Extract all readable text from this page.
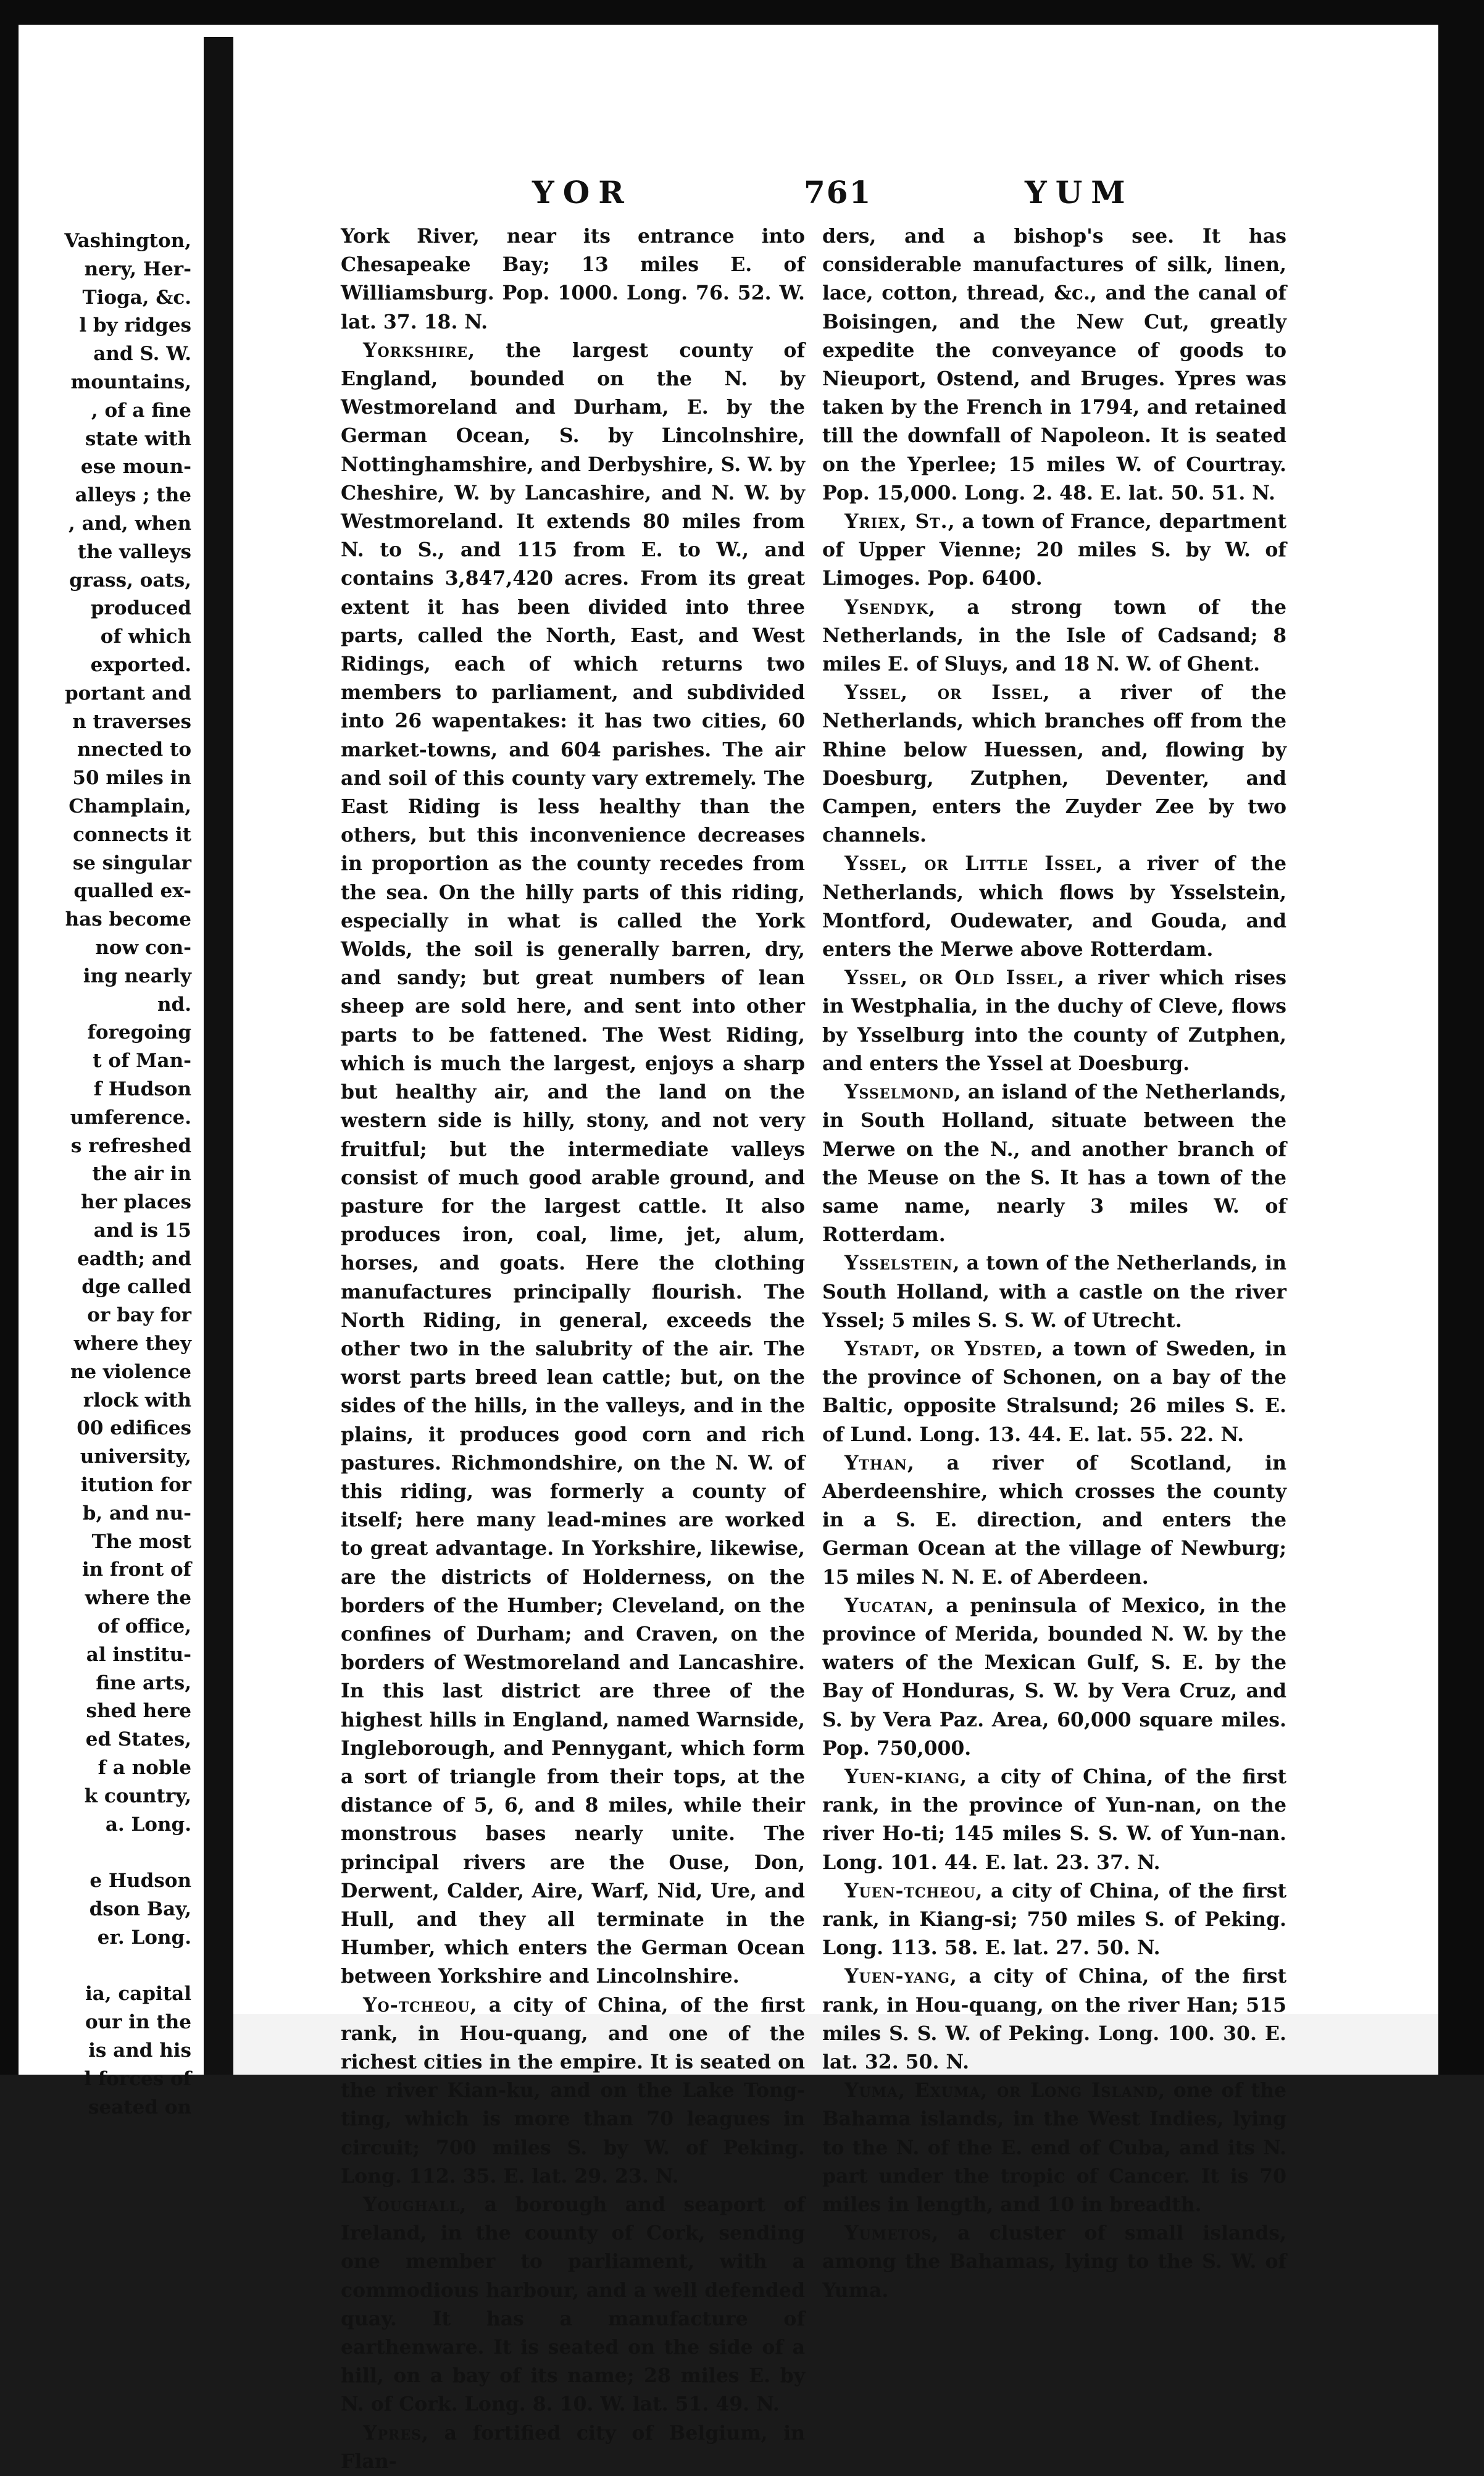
Vashington,
nery, Her-
Tioga, &c.
l by ridges
and S. W.
mountains,
, of a fine
state with
ese moun-
alleys ; the
, and, when
the valleys
grass, oats,
produced
of which
exported.
portant and
n traverses
nnected to
50 miles in
Champlain,
connects it
se singular
qualled ex-
has become
now con-
ing nearly
nd.
foregoing
t of Man-
f Hudson
umference.
s refreshed
the air in
her places
and is 15
eadth; and
dge called
or bay for
where they
ne violence
rlock with
00 edifices
university,
itution for
b, and nu-
The most
in front of
where the
of office,
al institu-
fine arts,
shed here
ed States,
f a noble
k country,
a. Long.
e Hudson
dson Bay,
er. Long.
ia, capital
our in the
is and his
l forces of
seated on
YOR	761	YUM

York River, near its entrance into Chesapeake Bay; 13 miles E. of Williamsburg. Pop. 1000. Long. 76. 52. W. lat. 37. 18. N.

Yorkshire, the largest county of England, bounded on the N. by Westmoreland and Durham, E. by the German Ocean, S. by Lincolnshire, Nottinghamshire, and Derbyshire, S. W. by Cheshire, W. by Lancashire, and N. W. by Westmoreland. It extends 80 miles from N. to S., and 115 from E. to W., and contains 3,847,420 acres. From its great extent it has been divided into three parts, called the North, East, and West Ridings, each of which returns two members to parliament, and subdivided into 26 wapentakes: it has two cities, 60 market-towns, and 604 parishes. The air and soil of this county vary extremely. The East Riding is less healthy than the others, but this inconvenience decreases in proportion as the county recedes from the sea. On the hilly parts of this riding, especially in what is called the York Wolds, the soil is generally barren, dry, and sandy; but great numbers of lean sheep are sold here, and sent into other parts to be fattened. The West Riding, which is much the largest, enjoys a sharp but healthy air, and the land on the western side is hilly, stony, and not very fruitful; but the intermediate valleys consist of much good arable ground, and pasture for the largest cattle. It also produces iron, coal, lime, jet, alum, horses, and goats. Here the clothing manufactures principally flourish. The North Riding, in general, exceeds the other two in the salubrity of the air. The worst parts breed lean cattle; but, on the sides of the hills, in the valleys, and in the plains, it produces good corn and rich pastures. Richmondshire, on the N. W. of this riding, was formerly a county of itself; here many lead-mines are worked to great advantage. In Yorkshire, likewise, are the districts of Holderness, on the borders of the Humber; Cleveland, on the confines of Durham; and Craven, on the borders of Westmoreland and Lancashire. In this last district are three of the highest hills in England, named Warnside, Ingleborough, and Pennygant, which form a sort of triangle from their tops, at the distance of 5, 6, and 8 miles, while their monstrous bases nearly unite. The principal rivers are the Ouse, Don, Derwent, Calder, Aire, Warf, Nid, Ure, and Hull, and they all terminate in the Humber, which enters the German Ocean between Yorkshire and Lincolnshire.

Yo-tcheou, a city of China, of the first rank, in Hou-quang, and one of the richest cities in the empire. It is seated on the river Kian-ku, and on the Lake Tong-ting, which is more than 70 leagues in circuit; 700 miles S. by W. of Peking. Long. 112. 35. E. lat. 29. 23. N.

Youghall, a borough and seaport of Ireland, in the county of Cork, sending one member to parliament, with a commodious harbour, and a well defended quay. It has a manufacture of earthenware. It is seated on the side of a hill, on a bay of its name; 28 miles E. by N. of Cork. Long. 8. 10. W. lat. 51. 49. N.

Ypres, a fortified city of Belgium, in Flan-

ders, and a bishop's see. It has considerable manufactures of silk, linen, lace, cotton, thread, &c., and the canal of Boisingen, and the New Cut, greatly expedite the conveyance of goods to Nieuport, Ostend, and Bruges. Ypres was taken by the French in 1794, and retained till the downfall of Napoleon. It is seated on the Yperlee; 15 miles W. of Courtray. Pop. 15,000. Long. 2. 48. E. lat. 50. 51. N.

Yriex, St., a town of France, department of Upper Vienne; 20 miles S. by W. of Limoges. Pop. 6400.

Ysendyk, a strong town of the Netherlands, in the Isle of Cadsand; 8 miles E. of Sluys, and 18 N. W. of Ghent.

Yssel, or Issel, a river of the Netherlands, which branches off from the Rhine below Huessen, and, flowing by Doesburg, Zutphen, Deventer, and Campen, enters the Zuyder Zee by two channels.

Yssel, or Little Issel, a river of the Netherlands, which flows by Ysselstein, Montford, Oudewater, and Gouda, and enters the Merwe above Rotterdam.

Yssel, or Old Issel, a river which rises in Westphalia, in the duchy of Cleve, flows by Ysselburg into the county of Zutphen, and enters the Yssel at Doesburg.

Ysselmond, an island of the Netherlands, in South Holland, situate between the Merwe on the N., and another branch of the Meuse on the S. It has a town of the same name, nearly 3 miles W. of Rotterdam.

Ysselstein, a town of the Netherlands, in South Holland, with a castle on the river Yssel; 5 miles S. S. W. of Utrecht.

Ystadt, or Ydsted, a town of Sweden, in the province of Schonen, on a bay of the Baltic, opposite Stralsund; 26 miles S. E. of Lund. Long. 13. 44. E. lat. 55. 22. N.

Ythan, a river of Scotland, in Aberdeenshire, which crosses the county in a S. E. direction, and enters the German Ocean at the village of Newburg; 15 miles N. N. E. of Aberdeen.

Yucatan, a peninsula of Mexico, in the province of Merida, bounded N. W. by the waters of the Mexican Gulf, S. E. by the Bay of Honduras, S. W. by Vera Cruz, and S. by Vera Paz. Area, 60,000 square miles. Pop. 750,000.

Yuen-kiang, a city of China, of the first rank, in the province of Yun-nan, on the river Ho-ti; 145 miles S. S. W. of Yun-nan. Long. 101. 44. E. lat. 23. 37. N.

Yuen-tcheou, a city of China, of the first rank, in Kiang-si; 750 miles S. of Peking. Long. 113. 58. E. lat. 27. 50. N.

Yuen-yang, a city of China, of the first rank, in Hou-quang, on the river Han; 515 miles S. S. W. of Peking. Long. 100. 30. E. lat. 32. 50. N.

Yuma, Exuma, or Long Island, one of the Bahama islands, in the West Indies, lying to the N. of the E. end of Cuba, and its N. part under the tropic of Cancer. It is 70 miles in length, and 10 in breadth.

Yumetos, a cluster of small islands, among the Bahamas, lying to the S. W. of Yuma.
